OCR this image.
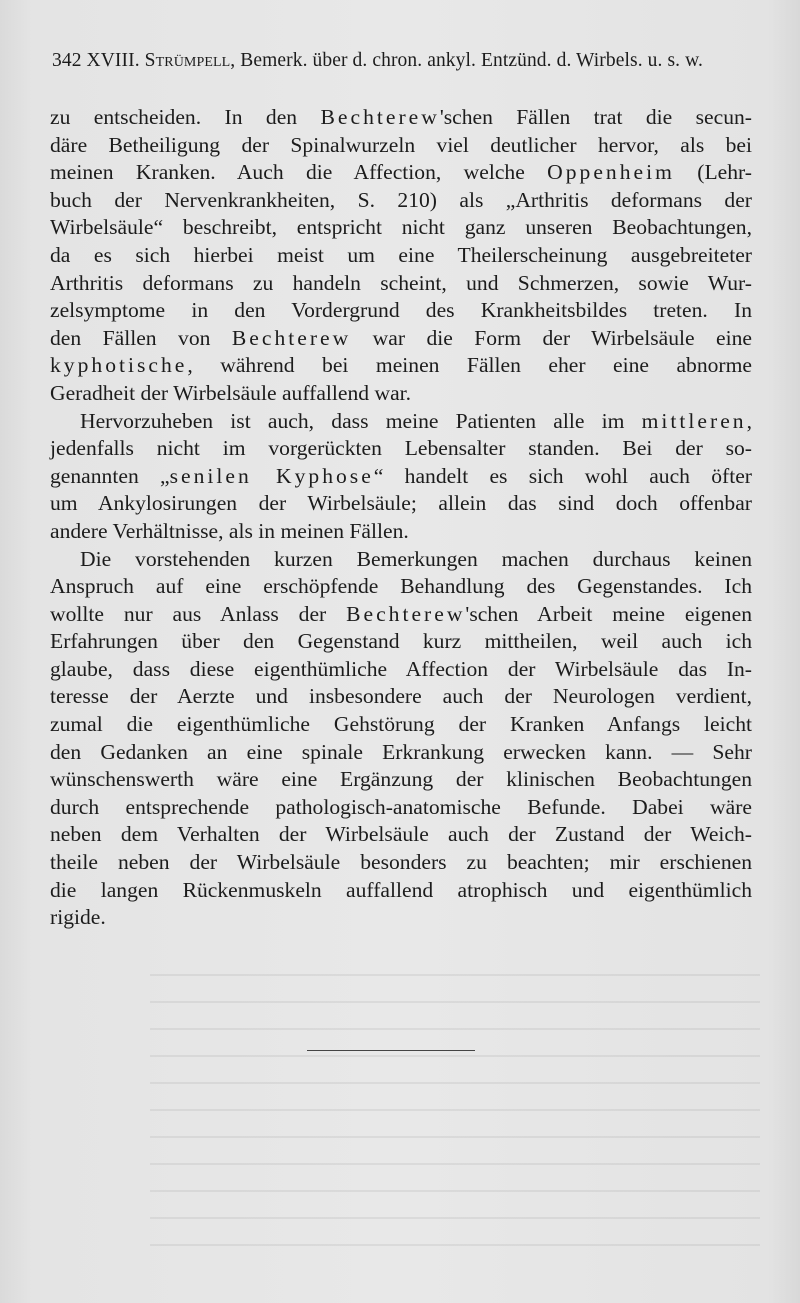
342 XVIII. Strümpell, Bemerk. über d. chron. ankyl. Entzünd. d. Wirbels. u. s. w.
zu entscheiden. In den Bechterew'schen Fällen trat die secun-
däre Betheiligung der Spinalwurzeln viel deutlicher hervor, als bei
meinen Kranken. Auch die Affection, welche Oppenheim (Lehr-
buch der Nervenkrankheiten, S. 210) als „Arthritis deformans der
Wirbelsäule“ beschreibt, entspricht nicht ganz unseren Beobachtungen,
da es sich hierbei meist um eine Theilerscheinung ausgebreiteter
Arthritis deformans zu handeln scheint, und Schmerzen, sowie Wur-
zelsymptome in den Vordergrund des Krankheitsbildes treten. In
den Fällen von Bechterew war die Form der Wirbelsäule eine
kyphotische, während bei meinen Fällen eher eine abnorme
Geradheit der Wirbelsäule auffallend war.
Hervorzuheben ist auch, dass meine Patienten alle im mittleren,
jedenfalls nicht im vorgerückten Lebensalter standen. Bei der so-
genannten „senilen Kyphose“ handelt es sich wohl auch öfter
um Ankylosirungen der Wirbelsäule; allein das sind doch offenbar
andere Verhältnisse, als in meinen Fällen.
Die vorstehenden kurzen Bemerkungen machen durchaus keinen
Anspruch auf eine erschöpfende Behandlung des Gegenstandes. Ich
wollte nur aus Anlass der Bechterew'schen Arbeit meine eigenen
Erfahrungen über den Gegenstand kurz mittheilen, weil auch ich
glaube, dass diese eigenthümliche Affection der Wirbelsäule das In-
teresse der Aerzte und insbesondere auch der Neurologen verdient,
zumal die eigenthümliche Gehstörung der Kranken Anfangs leicht
den Gedanken an eine spinale Erkrankung erwecken kann. — Sehr
wünschenswerth wäre eine Ergänzung der klinischen Beobachtungen
durch entsprechende pathologisch-anatomische Befunde. Dabei wäre
neben dem Verhalten der Wirbelsäule auch der Zustand der Weich-
theile neben der Wirbelsäule besonders zu beachten; mir erschienen
die langen Rückenmuskeln auffallend atrophisch und eigenthümlich
rigide.
